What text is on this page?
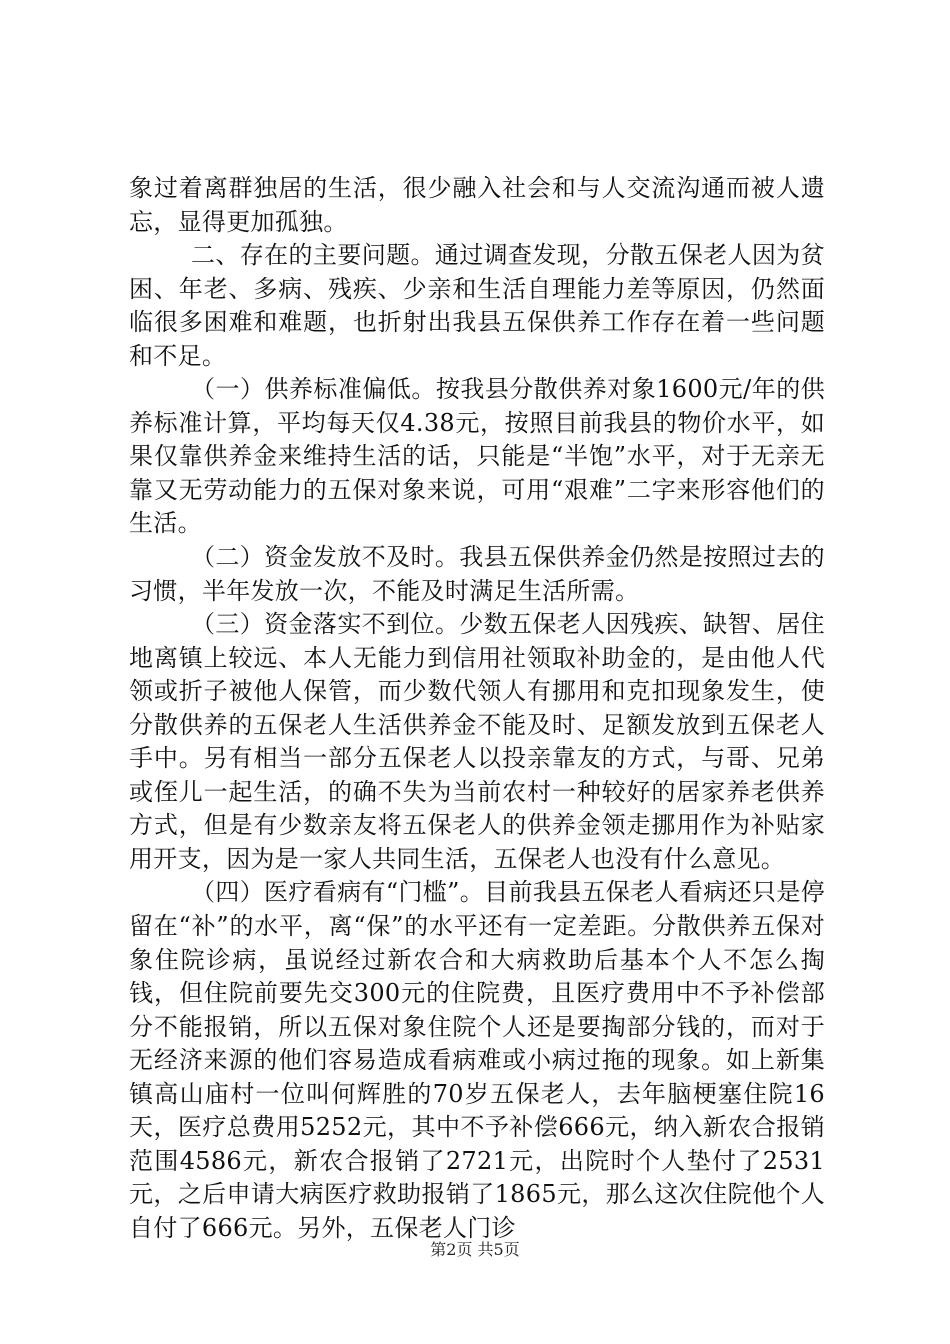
象过着离群独居的生活，很少融入社会和与人交流沟通而被人遗忘，显得更加孤独。

二、存在的主要问题。通过调查发现，分散五保老人因为贫困、年老、多病、残疾、少亲和生活自理能力差等原因，仍然面临很多困难和难题，也折射出我县五保供养工作存在着一些问题和不足。

（一）供养标准偏低。按我县分散供养对象1600元/年的供养标准计算，平均每天仅4.38元，按照目前我县的物价水平，如果仅靠供养金来维持生活的话，只能是“半饱”水平，对于无亲无靠又无劳动能力的五保对象来说，可用“艰难”二字来形容他们的生活。

（二）资金发放不及时。我县五保供养金仍然是按照过去的习惯，半年发放一次，不能及时满足生活所需。

（三）资金落实不到位。少数五保老人因残疾、缺智、居住地离镇上较远、本人无能力到信用社领取补助金的，是由他人代领或折子被他人保管，而少数代领人有挪用和克扣现象发生，使分散供养的五保老人生活供养金不能及时、足额发放到五保老人手中。另有相当一部分五保老人以投亲靠友的方式，与哥、兄弟或侄儿一起生活，的确不失为当前农村一种较好的居家养老供养方式，但是有少数亲友将五保老人的供养金领走挪用作为补贴家用开支，因为是一家人共同生活，五保老人也没有什么意见。

（四）医疗看病有“门槛”。目前我县五保老人看病还只是停留在“补”的水平，离“保”的水平还有一定差距。分散供养五保对象住院诊病，虽说经过新农合和大病救助后基本个人不怎么掏钱，但住院前要先交300元的住院费，且医疗费用中不予补偿部分不能报销，所以五保对象住院个人还是要掏部分钱的，而对于无经济来源的他们容易造成看病难或小病过拖的现象。如上新集镇高山庙村一位叫何辉胜的70岁五保老人，去年脑梗塞住院16天，医疗总费用5252元，其中不予补偿666元，纳入新农合报销范围4586元，新农合报销了2721元，出院时个人垫付了2531元，之后申请大病医疗救助报销了1865元，那么这次住院他个人自付了666元。另外，五保老人门诊

第2页 共5页
